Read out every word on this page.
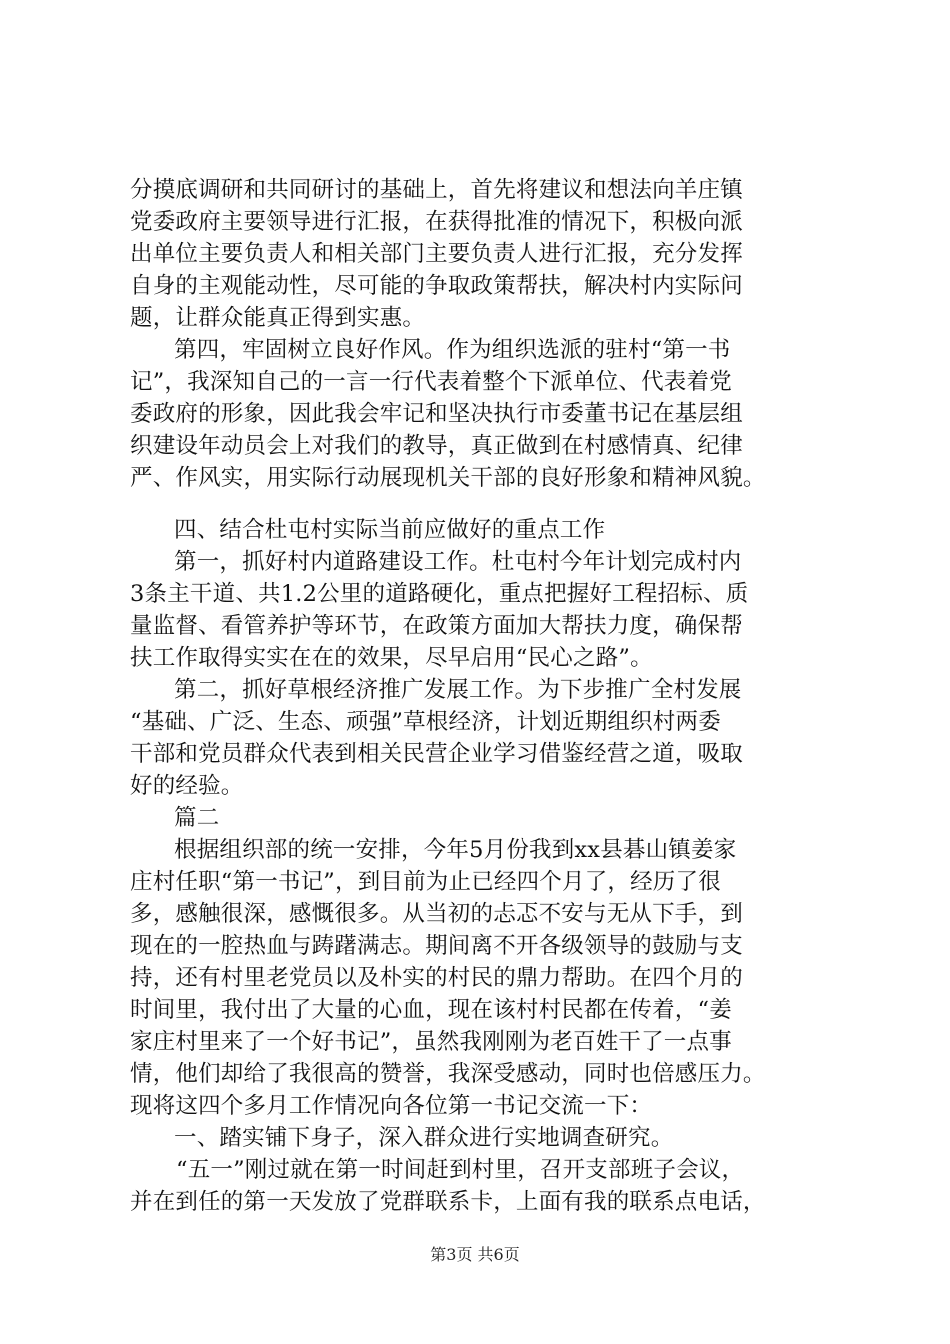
分摸底调研和共同研讨的基础上，首先将建议和想法向羊庄镇
党委政府主要领导进行汇报，在获得批准的情况下，积极向派
出单位主要负责人和相关部门主要负责人进行汇报，充分发挥
自身的主观能动性，尽可能的争取政策帮扶，解决村内实际问
题，让群众能真正得到实惠。
第四，牢固树立良好作风。作为组织选派的驻村“第一书
记”，我深知自己的一言一行代表着整个下派单位、代表着党
委政府的形象，因此我会牢记和坚决执行市委董书记在基层组
织建设年动员会上对我们的教导，真正做到在村感情真、纪律
严、作风实，用实际行动展现机关干部的良好形象和精神风貌。
四、结合杜屯村实际当前应做好的重点工作
第一，抓好村内道路建设工作。杜屯村今年计划完成村内
3条主干道、共1.2公里的道路硬化，重点把握好工程招标、质
量监督、看管养护等环节，在政策方面加大帮扶力度，确保帮
扶工作取得实实在在的效果，尽早启用“民心之路”。
第二，抓好草根经济推广发展工作。为下步推广全村发展
“基础、广泛、生态、顽强”草根经济，计划近期组织村两委
干部和党员群众代表到相关民营企业学习借鉴经营之道，吸取
好的经验。
篇二
根据组织部的统一安排，今年5月份我到xx县碁山镇姜家
庄村任职“第一书记”，到目前为止已经四个月了，经历了很
多，感触很深，感慨很多。从当初的忐忑不安与无从下手，到
现在的一腔热血与踌躇满志。期间离不开各级领导的鼓励与支
持，还有村里老党员以及朴实的村民的鼎力帮助。在四个月的
时间里，我付出了大量的心血，现在该村村民都在传着，“姜
家庄村里来了一个好书记”，虽然我刚刚为老百姓干了一点事
情，他们却给了我很高的赞誉，我深受感动，同时也倍感压力。
现将这四个多月工作情况向各位第一书记交流一下：
一、踏实铺下身子，深入群众进行实地调查研究。
“五一”刚过就在第一时间赶到村里，召开支部班子会议，
并在到任的第一天发放了党群联系卡，上面有我的联系点电话，
第3页 共6页
